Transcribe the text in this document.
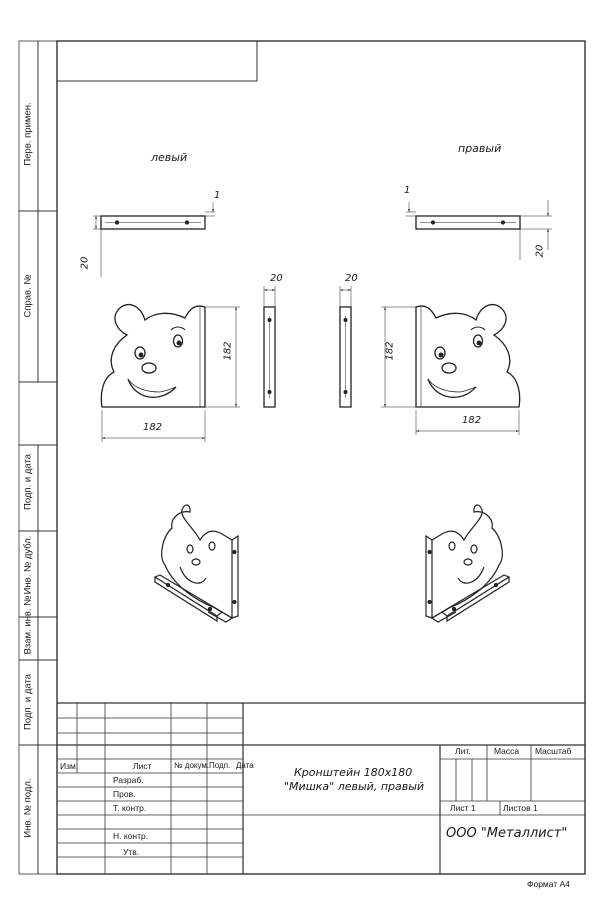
Перв. примен.
Справ. №
Подп. и дата
Инв. № дубл.
Взам. инв. №
Подп. и дата
Инв. № подл.
левый
правый
1	1
20
20
182	182
182
182
20	20
Изм.	Лист	№ докум. Подп. Дата
Разраб.
Пров.
Т. контр.
Н. контр.
Утв.
Кронштейн 180х180
"Мишка" левый, правый
Лит.	Масса Масштаб
Лист 1	Листов 1
ООО "Металлист"
Формат А4
